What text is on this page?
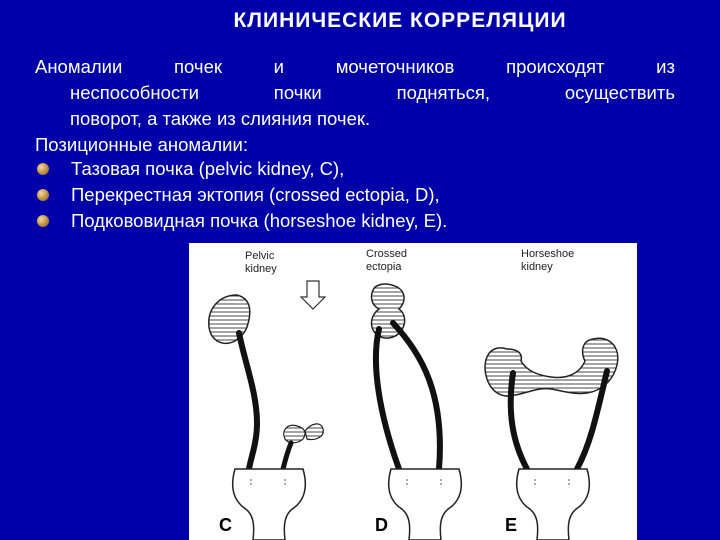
КЛИНИЧЕСКИЕ КОРРЕЛЯЦИИ
Аномалии	почек	и	мочеточников	происходят	из
неспособности	почки	подняться,	осуществить
поворот, а также из слияния почек.
Позиционные аномалии:
Тазовая почка (pelvic kidney, C),
Перекрестная эктопия (crossed ectopia, D),
Подкововидная почка (horseshoe kidney, E).
Pelvic
kidney
Crossed
ectopia
Horseshoe
kidney
C	D	E
